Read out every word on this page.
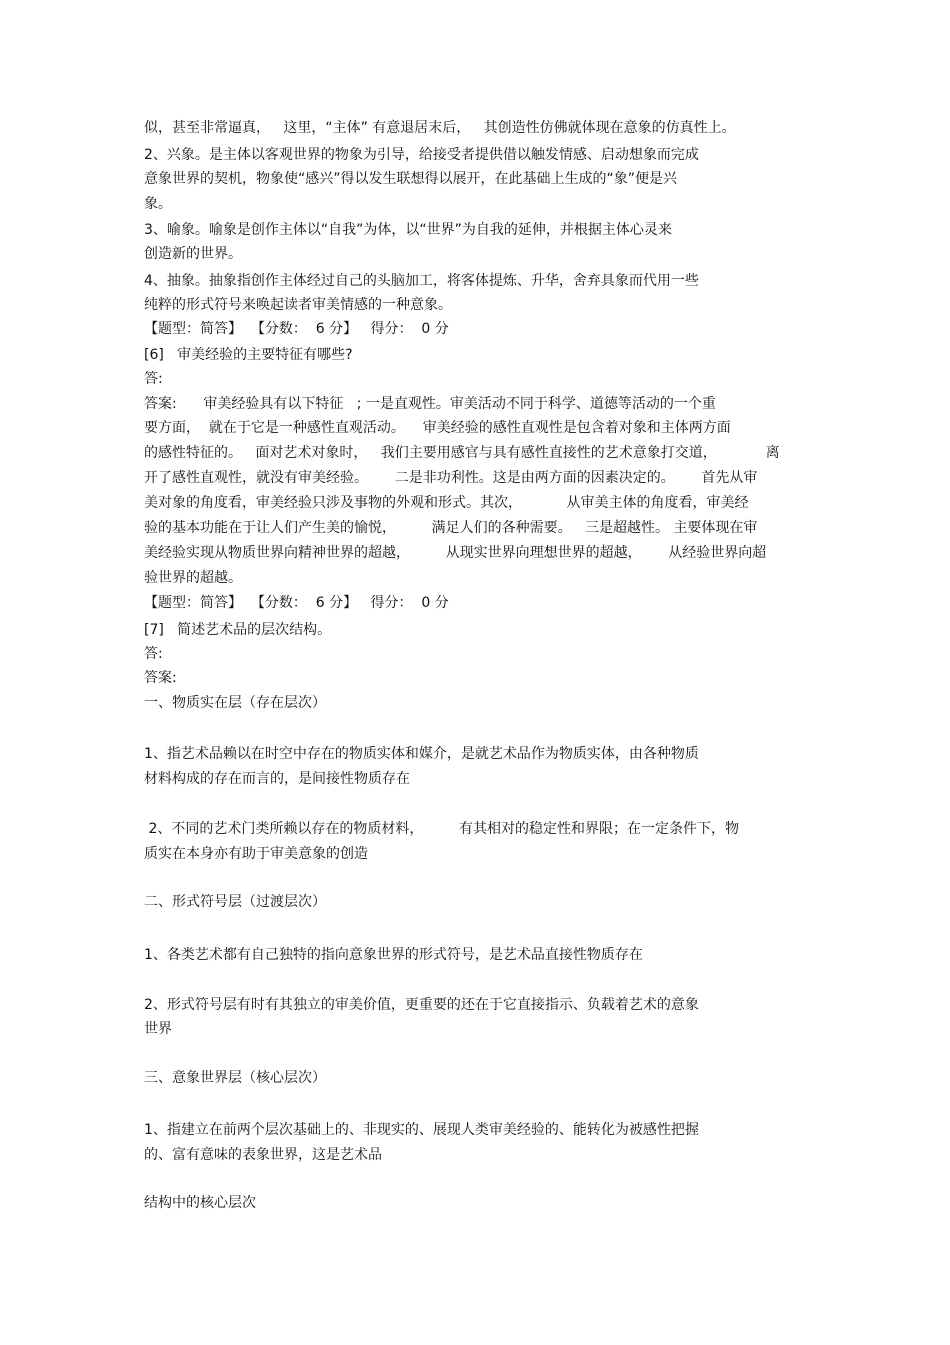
似，甚至非常逼真，   这里，“主体” 有意退居末后，   其创造性仿佛就体现在意象的仿真性上。

2、兴象。是主体以客观世界的物象为引导，给接受者提供借以触发情感、启动想象而完成

意象世界的契机，物象使“感兴”得以发生联想得以展开，在此基础上生成的“象”便是兴

象。

3、喻象。喻象是创作主体以“自我”为体，以“世界”为自我的延伸，并根据主体心灵来

创造新的世界。

4、抽象。抽象指创作主体经过自己的头脑加工，将客体提炼、升华，舍弃具象而代用一些

纯粹的形式符号来唤起读者审美情感的一种意象。

【题型：简答】  【分数：  6 分】   得分：  0 分

[6]   审美经验的主要特征有哪些?

答:

答案:      审美经验具有以下特征   ; 一是直观性。审美活动不同于科学、道德等活动的一个重

要方面，  就在于它是一种感性直观活动。    审美经验的感性直观性是包含着对象和主体两方面

的感性特征的。   面对艺术对象时，   我们主要用感官与具有感性直接性的艺术意象打交道，           离

开了感性直观性，就没有审美经验。      二是非功利性。这是由两方面的因素决定的。      首先从审

美对象的角度看，审美经验只涉及事物的外观和形式。其次，          从审美主体的角度看，审美经

验的基本功能在于让人们产生美的愉悦，        满足人们的各种需要。   三是超越性。 主要体现在审

美经验实现从物质世界向精神世界的超越，        从现实世界向理想世界的超越，      从经验世界向超

验世界的超越。

【题型：简答】  【分数：  6 分】   得分：  0 分

[7]   简述艺术品的层次结构。

答:

答案:

一、物质实在层（存在层次）

1、指艺术品赖以在时空中存在的物质实体和媒介，是就艺术品作为物质实体，由各种物质

材料构成的存在而言的，是间接性物质存在

2、不同的艺术门类所赖以存在的物质材料，        有其相对的稳定性和界限；在一定条件下，物

质实在本身亦有助于审美意象的创造

二、形式符号层（过渡层次）

1、各类艺术都有自己独特的指向意象世界的形式符号，是艺术品直接性物质存在

2、形式符号层有时有其独立的审美价值，更重要的还在于它直接指示、负载着艺术的意象

世界

三、意象世界层（核心层次）

1、指建立在前两个层次基础上的、非现实的、展现人类审美经验的、能转化为被感性把握

的、富有意味的表象世界，这是艺术品

结构中的核心层次
